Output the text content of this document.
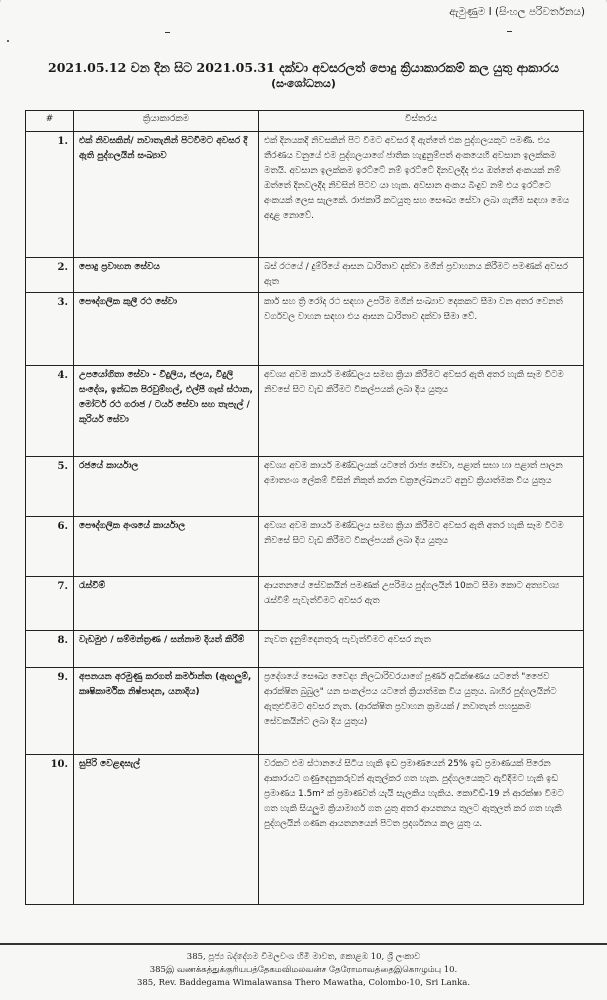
ඇමුණුම I (සිංහල පරිවර්තනය)
2021.05.12 වන දින සිට 2021.05.31 දක්වා අවසරලත් පොදු ක්‍රියාකාරකම් කල යුතු ආකාරය
(සංශෝධනය)
#	ක්‍රියාකාරකම	විස්තරය
1.	එක් නිවසකින්/ නවාතැනින් පිටවීමට අවසර දී ඇති පුද්ගලයින් සංඛ්‍යාව	එක් දිනයකදී නිවසකින් පිට වීමට අවසර දී ඇත්තේ එක පුද්ගලයකුට පමණි. එය තීරණය වනුයේ එම පුද්ගලයාගේ ජාතික හැඳුනුම්පත් අංකයෙහි අවසාන ඉලක්කම මතයි. අවසාන ඉලක්කම ඉරට්ටේ නම් ඉරට්ටේ දිනවලදීද එය ඔත්තේ අංකයක් නම් ඔත්තේ දිනවලදීද නිවසින් පිටව යා හැක. අවසාන අංකය බිංදුව නම් එය ඉරට්ටෙ අංකයක් ලෙස සැලකේ. රාජකාරි කටයුතු සහ සෞඛ්‍ය සේවා ලබා ගැනීම සඳහා මෙය අදාළ නොවේ.
2.	පොදු ප්‍රවාහන සේවය	බස් රථයේ / දුම්රියේ ආසන ධාරිතාව දක්වා මගීන් ප්‍රවාහනය කිරීමට පමණක් අවසර ඇත
3.	පෞද්ගලික කුලී රථ සේවා	කාර් සහ ත්‍රි රෝද රථ සඳහා උපරිම මගීන් සංඛ්‍යාව දෙකකට සීමා වන අතර වෙනත් වර්ගවල වාහන සඳහා එය ආසන ධාරිතාව දක්වා සීමා වේ.
4.	උපයෝගිතා සේවා - විදුලිය, ජලය, විදුලි සංදේශ, ඉන්ධන පිරවුම්හල්, එල්පී ගෑස් ස්ථාන, මෝටර් රථ ගරාජ / ටයර් සේවා සහ තැපැල් / කුරියර් සේවා	අවශ්‍ය අවම කාර්ය මණ්ඩලය සමඟ ක්‍රියා කිරීමට අවසර ඇති අතර හැකි සෑම විටම නිවසේ සිට වැඩ කිරීමට විකල්පයක් ලබා දිය යුතුය
5.	රජයේ කාර්යාල	අවශ්‍ය අවම කාර්ය මණ්ඩලයක් යටතේ රාජ්‍ය සේවා, පළාත් සභා හා පළාත් පාලන අමාත්‍යංශ ලේකම් විසින් නිකුත් කරන චක්‍රලේඛනයට අනුව ක්‍රියාත්මක විය යුතුය
6.	පෞද්ගලික අංශයේ කාර්යාල	අවශ්‍ය අවම කාර්ය මණ්ඩලය සමඟ ක්‍රියා කිරීමට අවසර ඇති අතර හැකි සෑම විටම නිවසේ සිට වැඩ කිරීමට විකල්පයක් ලබා දිය යුතුය
7.	රැස්වීම්	ආයතනයේ සේවකයින් පමණක් උපරිමය පුද්ගලයින් 10කට සීමා කොට අත්‍යවශ්‍ය රැස්වීම් පැවැත්වීමට අවසර ඇත
8.	වැඩමුළු / සම්මන්ත්‍රණ / සන්නාම දියත් කිරීම්	නැවත දැනුම්දෙනතුරු පැවැත්වීමට අවසර නැත
9.	අපනයන අරමුණු කරගත් කර්මාන්ත (ඇඟලුම්, කෘෂිකාර්මික නිෂ්පාදන, යනාදිය)	ප්‍රදේශයේ සෞඛ්‍ය වෛද්‍ය නිලධාරිවරයාගේ පූර්ණ අධීක්ෂණය යටතේ "ජෛව ආරක්ෂිත බුබුල" යන සංකල්පය යටතේ ක්‍රියාත්මක විය යුතුය. බාහිර පුද්ගලයින්ට ඇතුළුවීමට අවසර නැත. (ආරක්ෂිත ප්‍රවාහන ක්‍රමයක් / නවාතැන් පහසුකම සේවකයින්ට ලබා දිය යුතුය)
10.	සුපිරි වෙළඳසැල්	වරකට එම ස්ථානයේ සිටිය හැකි ඉඩ ප්‍රමාණයෙන් 25% ඉඩ ප්‍රමාණයක් පිරෙන ආකාරයට ගණුදෙනුකරුවන් ඇතුල්කර ගත හැක. පුද්ගලයෙකුට ඇවිදීමට හැකි ඉඩ ප්‍රමාණය 1.5m² ක් ප්‍රමාණවත් යැයි සැලකිය හැකිය. කොවිඩ්-19 න් ආරක්ෂා වීමට ගත හැකි සියලුම ක්‍රියාමාර්ග ගත යුතු අතර ආයතනය තුලට ඇතුලත් කර ගත හැකි පුද්ගලයින් ගණන ආයතනයෙන් පිටත ප්‍රදර්ශනය කල යුතු ය.
385, පූජ්‍ය බද්දේගම විමලවංශ හිමි මාවත, කොළඹ 10, ශ්‍රී ලංකාව
385இ வணக்கத்துக்குரியபத்தேகமவிமலவன்ச தேரோமாவத்தைஇகொழும்பு 10.
385, Rev. Baddegama Wimalawansa Thero Mawatha, Colombo-10, Sri Lanka.
